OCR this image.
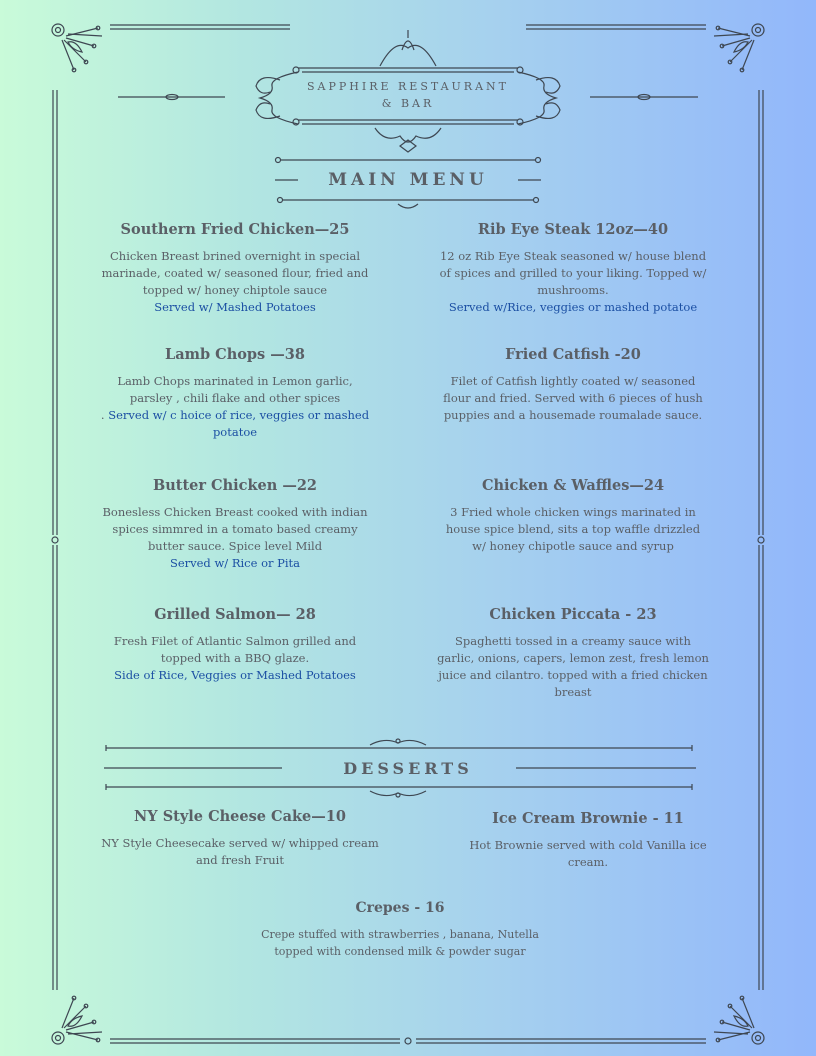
SAPPHIRE RESTAURANT
& BAR
MAIN MENU
Southern Fried Chicken—25

Chicken Breast brined overnight in special marinade, coated w/ seasoned flour, fried and topped w/ honey chiptole sauce
Served w/ Mashed Potatoes

Rib Eye Steak 12oz—40

12 oz Rib Eye Steak seasoned w/ house blend of spices and grilled to your liking. Topped w/ mushrooms.
Served w/Rice, veggies or mashed potatoe

Lamb Chops —38

Lamb Chops marinated in Lemon garlic, parsley , chili flake and other spices
. Served w/ c hoice of rice, veggies or mashed potatoe

Fried Catfish -20

Filet of Catfish lightly coated w/ seasoned flour and fried. Served with 6 pieces of hush puppies and a housemade roumalade sauce.

Butter Chicken —22

Bonesless Chicken Breast cooked with indian spices simmred in a tomato based creamy butter sauce. Spice level Mild
Served w/ Rice or Pita

Chicken & Waffles—24

3 Fried whole chicken wings marinated in house spice blend, sits a top waffle drizzled w/ honey chipotle sauce and syrup

Grilled Salmon— 28

Fresh Filet of Atlantic Salmon grilled and topped with a BBQ glaze.
Side of Rice, Veggies or Mashed Potatoes

Chicken Piccata - 23

Spaghetti tossed in a creamy sauce with garlic, onions, capers, lemon zest, fresh lemon juice and cilantro. topped with a fried chicken breast

DESSERTS
NY Style Cheese Cake—10

NY Style Cheesecake served w/ whipped cream and fresh Fruit

Ice Cream Brownie - 11

Hot Brownie served with cold Vanilla ice cream.

Crepes - 16

Crepe stuffed with strawberries , banana, Nutella topped with condensed milk & powder sugar
